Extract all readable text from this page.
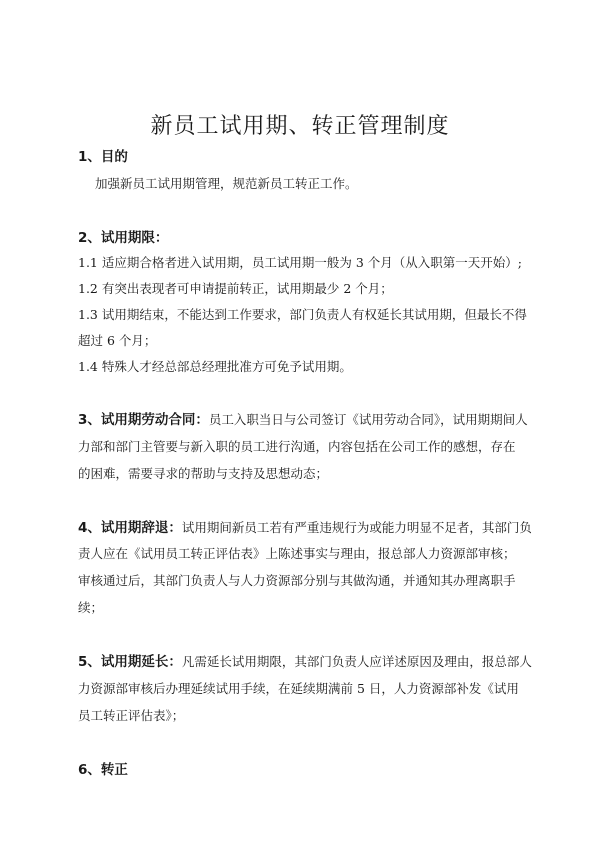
新员工试用期、转正管理制度

1、目的

加强新员工试用期管理，规范新员工转正工作。

2、试用期限：

1.1 适应期合格者进入试用期，员工试用期一般为 3 个月（从入职第一天开始）;

1.2 有突出表现者可申请提前转正，试用期最少 2 个月；

1.3 试用期结束，不能达到工作要求，部门负责人有权延长其试用期，但最长不得

超过 6 个月；

1.4 特殊人才经总部总经理批准方可免予试用期。

3、试用期劳动合同：员工入职当日与公司签订《试用劳动合同》，试用期期间人

力部和部门主管要与新入职的员工进行沟通，内容包括在公司工作的感想，存在

的困难，需要寻求的帮助与支持及思想动态；

4、试用期辞退：试用期间新员工若有严重违规行为或能力明显不足者，其部门负

责人应在《试用员工转正评估表》上陈述事实与理由，报总部人力资源部审核；

审核通过后，其部门负责人与人力资源部分别与其做沟通，并通知其办理离职手

续；

5、试用期延长：凡需延长试用期限，其部门负责人应详述原因及理由，报总部人

力资源部审核后办理延续试用手续，在延续期满前 5 日，人力资源部补发《试用

员工转正评估表》；

6、转正
